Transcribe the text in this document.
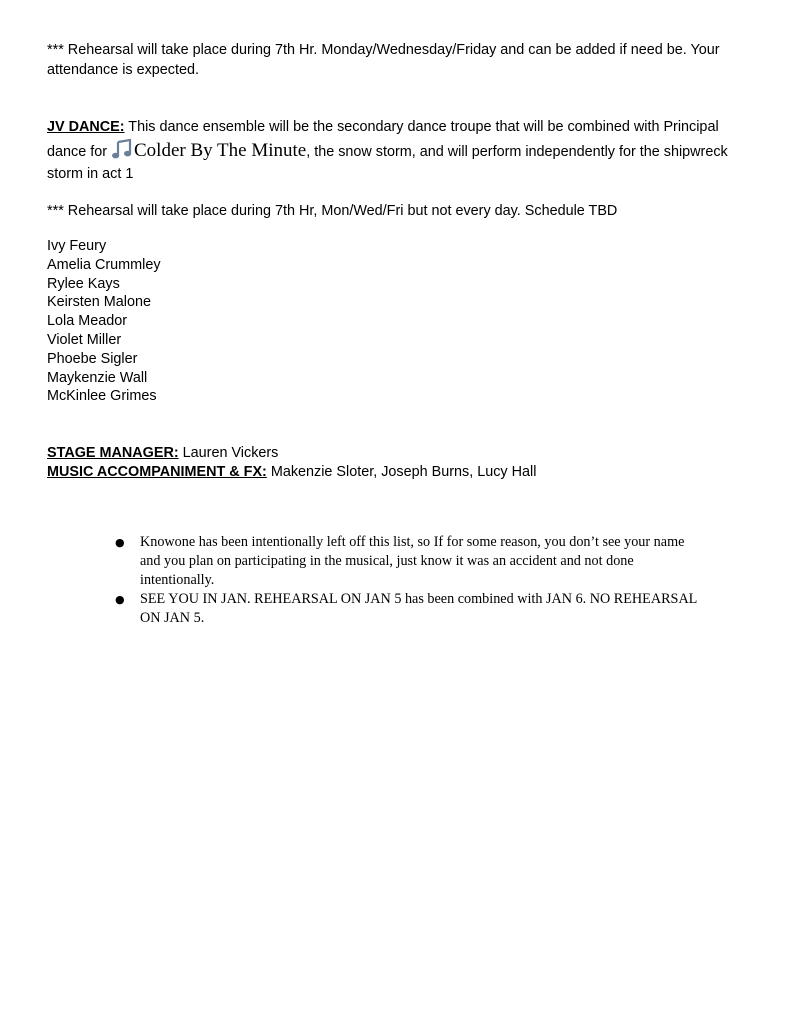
*** Rehearsal will take place during 7th Hr. Monday/Wednesday/Friday and can be added if need be. Your attendance is expected.

JV DANCE: This dance ensemble will be the secondary dance troupe that will be combined with Principal dance for Colder By The Minute, the snow storm, and will perform independently for the shipwreck storm in act 1

*** Rehearsal will take place during 7th Hr, Mon/Wed/Fri but not every day. Schedule TBD

Ivy Feury
Amelia Crummley
Rylee Kays
Keirsten Malone
Lola Meador
Violet Miller
Phoebe Sigler
Maykenzie Wall
McKinlee Grimes

STAGE MANAGER: Lauren Vickers

MUSIC ACCOMPANIMENT & FX: Makenzie Sloter, Joseph Burns, Lucy Hall

● Knowone has been intentionally left off this list, so If for some reason, you don’t see your name and you plan on participating in the musical, just know it was an accident and not done intentionally.
● SEE YOU IN JAN. REHEARSAL ON JAN 5 has been combined with JAN 6. NO REHEARSAL ON JAN 5.
